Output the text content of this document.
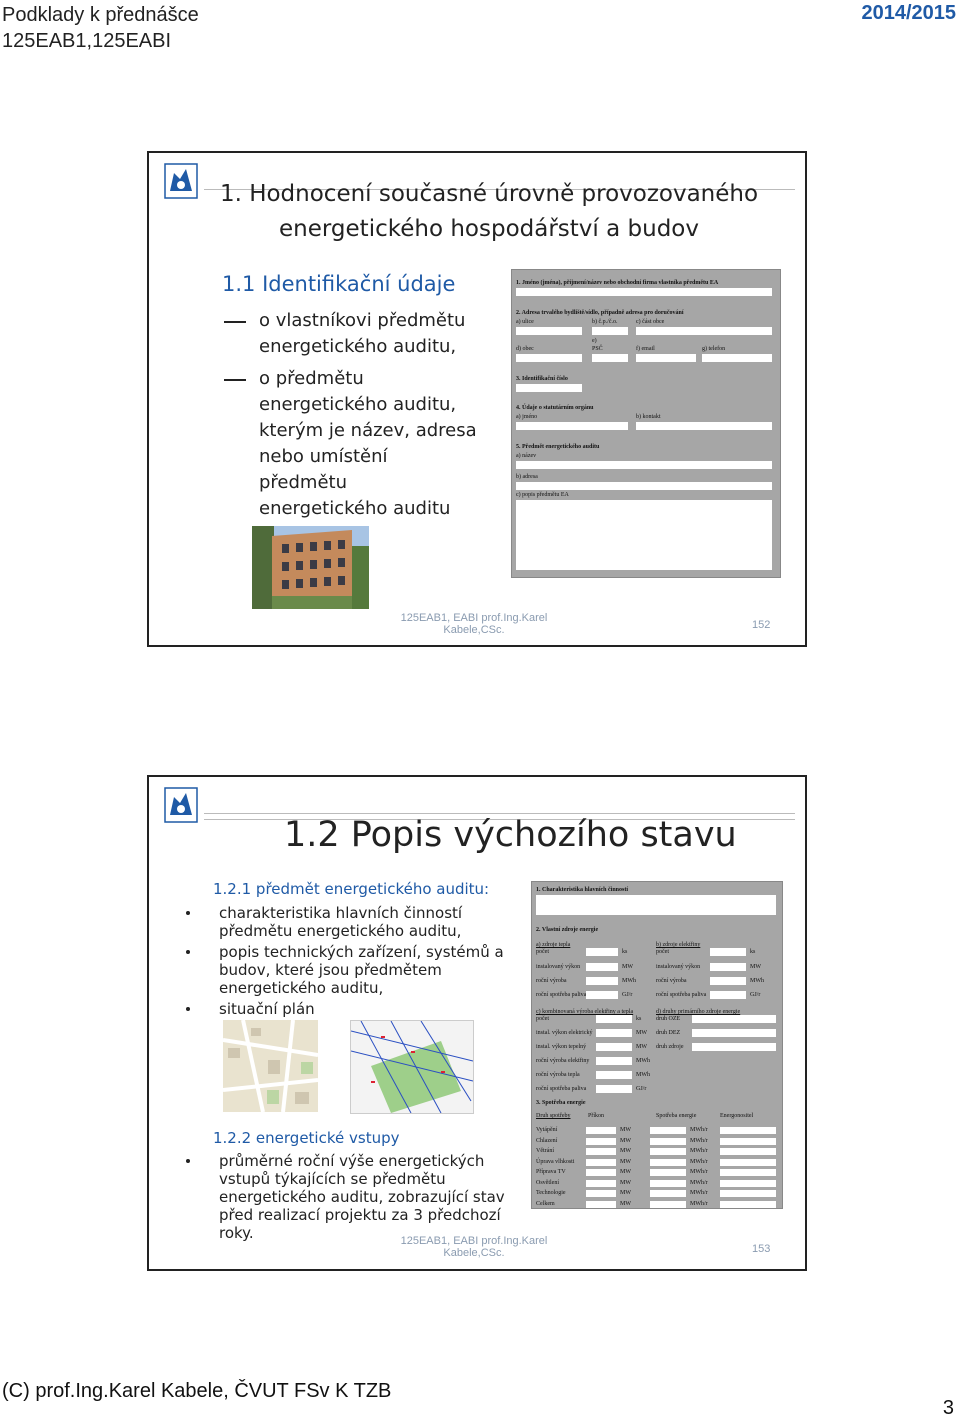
Podklady k přednášce
125EAB1,125EABI
2014/2015
1. Hodnocení současné úrovně provozovaného
energetického hospodářství a budov
1.1 Identifikační údaje
o vlastníkovi předmětu
energetického auditu,
o předmětu
energetického auditu,
kterým je název, adresa
nebo umístění
předmětu
energetického auditu
1. Jméno (jména), příjmení/název nebo obchodní firma vlastníka předmětu EA
2. Adresa trvalého bydliště/sídlo, případně adresa pro doručování
a) ulice	b) č.p./č.o.	c) část obce
e)
d) obec	PSČ	f) email	g) telefon
3. Identifikační číslo
4. Údaje o statutárním orgánu
a) jméno	b) kontakt
5. Předmět energetického auditu
a) název
b) adresa
c) popis předmětu EA
125EAB1, EABI prof.Ing.Karel
Kabele,CSc.	152
1.2 Popis výchozího stavu
1.2.1 předmět energetického auditu:
charakteristika hlavních činností
předmětu energetického auditu,
popis technických zařízení, systémů a
budov, které jsou předmětem
energetického auditu,
situační plán
1.2.2 energetické vstupy
průměrné roční výše energetických
vstupů týkajících se předmětu
energetického auditu, zobrazující stav
před realizací projektu za 3 předchozí
roky.
1. Charakteristika hlavních činností
2. Vlastní zdroje energie
a) zdroje tepla	b) zdroje elektřiny
počet	ks	počet	ks
instalovaný výkon	MW	instalovaný výkon	MW
roční výroba	MWh	roční výroba	MWh
roční spotřeba paliva	GJ/r	roční spotřeba paliva	GJ/r
c) kombinovaná výroba elektřiny a tepla	d) druhy primárního zdroje energie
počet	ks druh OZE
instal. výkon elektrický	MW druh DEZ
instal. výkon tepelný	MW druh zdroje
roční výroba elektřiny	MWh
roční výroba tepla	MWh
roční spotřeba paliva	GJ/r
3. Spotřeba energie
Druh spotřeby	Příkon	Spotřeba energie	Energonositel
Vytápění	MW	MWh/r
Chlazení	MW	MWh/r
Větrání	MW	MWh/r
Úprava vlhkosti	MW	MWh/r
Příprava TV	MW	MWh/r
Osvětlení	MW	MWh/r
Technologie	MW	MWh/r
Celkem	MW	MWh/r
125EAB1, EABI prof.Ing.Karel
Kabele,CSc.	153
(C) prof.Ing.Karel Kabele, ČVUT FSv K TZB
3
